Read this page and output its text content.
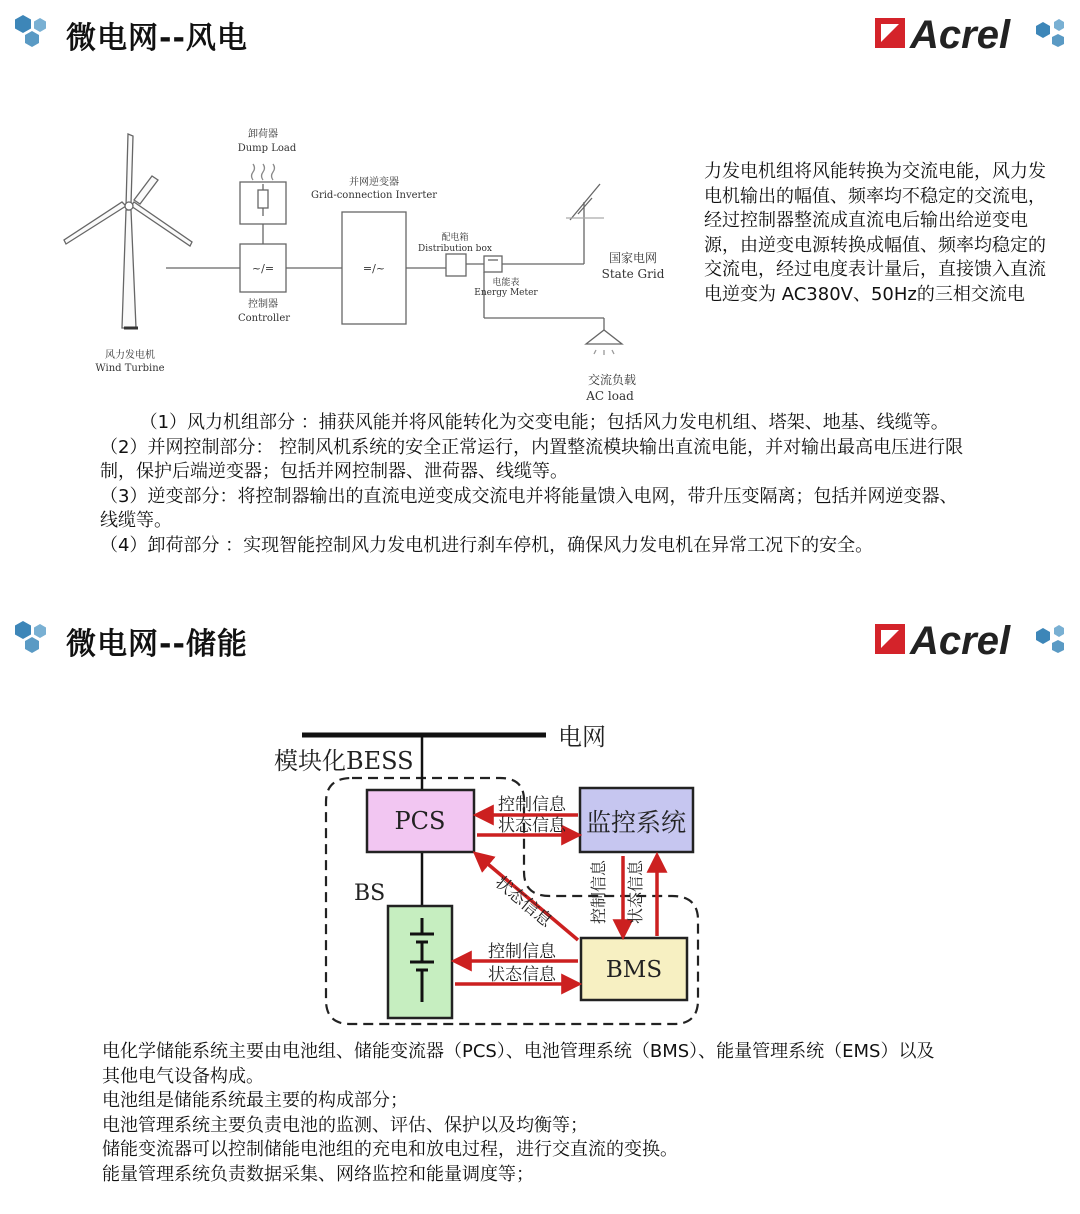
微电网--风电	Acrel
卸荷器
Dump Load
~/=
控制器
Controller
并网逆变器
Grid-connection Inverter
=/~
配电箱
Distribution box
电能表
Energy Meter
国家电网
State Grid
风力发电机
Wind Turbine
交流负载
AC load
力发电机组将风能转换为交流电能，风力发电机输出的幅值、频率均不稳定的交流电，经过控制器整流成直流电后输出给逆变电源，由逆变电源转换成幅值、频率均稳定的交流电，经过电度表计量后，直接馈入直流电逆变为 AC380V、50Hz的三相交流电

（1）风力机组部分 ：捕获风能并将风能转化为交变电能；包括风力发电机组、塔架、地基、线缆等。

（2）并网控制部分： 控制风机系统的安全正常运行，内置整流模块输出直流电能，并对输出最高电压进行限制，保护后端逆变器；包括并网控制器、泄荷器、线缆等。

（3）逆变部分：将控制器输出的直流电逆变成交流电并将能量馈入电网，带升压变隔离；包括并网逆变器、线缆等。

（4）卸荷部分 ：实现智能控制风力发电机进行刹车停机，确保风力发电机在异常工况下的安全。

微电网--储能	Acrel
电网
模块化BESS
PCS	监控系统
BS
BMS
控制信息
状态信息
状态信息 控制信息 状态信息
控制信息
状态信息

电化学储能系统主要由电池组、储能变流器（PCS）、电池管理系统（BMS）、能量管理系统（EMS）以及其他电气设备构成。

电池组是储能系统最主要的构成部分；

电池管理系统主要负责电池的监测、评估、保护以及均衡等；

储能变流器可以控制储能电池组的充电和放电过程，进行交直流的变换。

能量管理系统负责数据采集、网络监控和能量调度等；
